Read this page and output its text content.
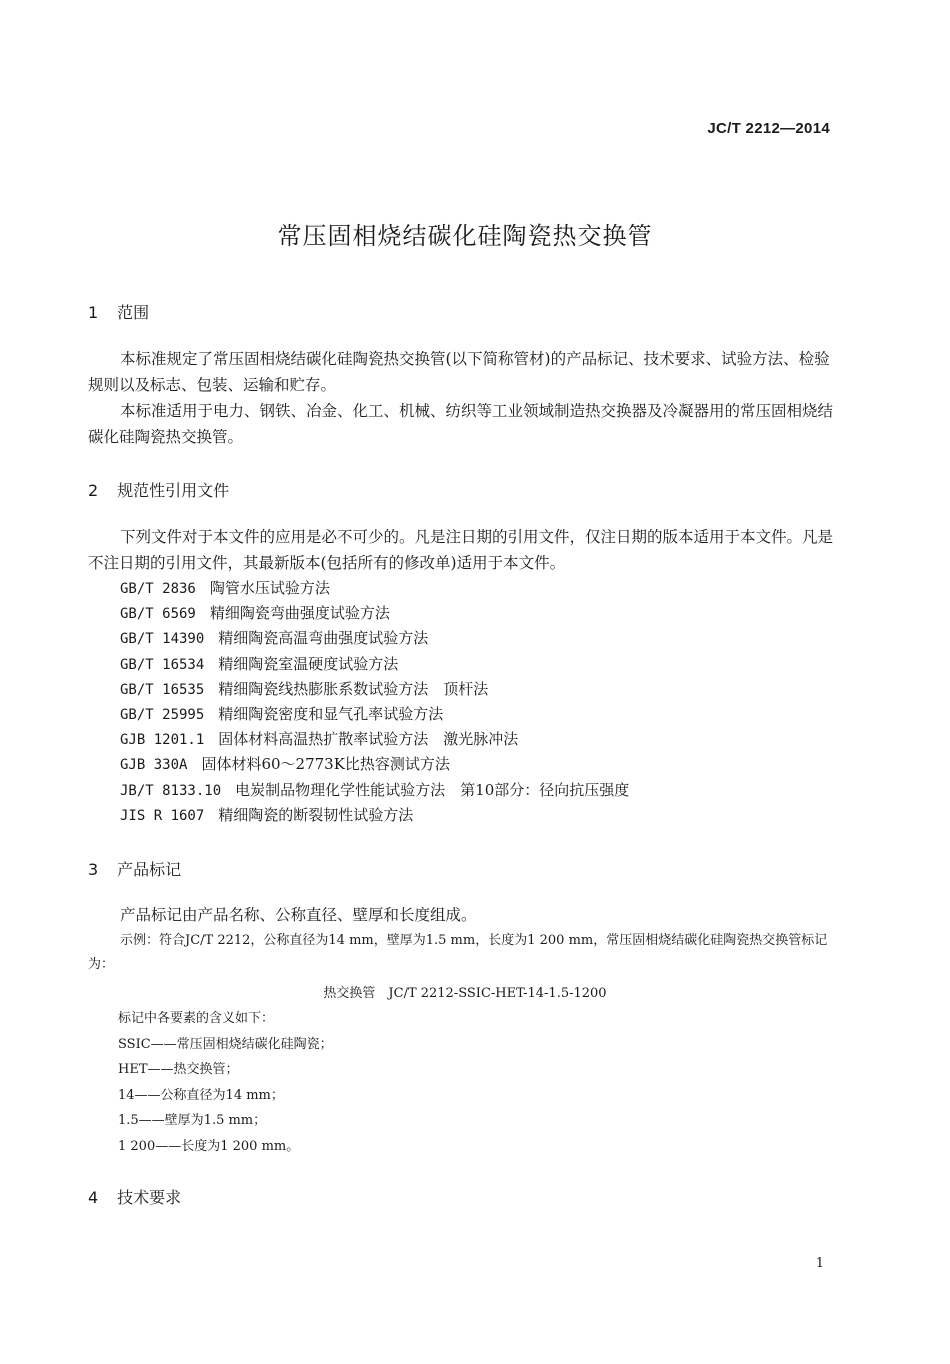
JC/T 2212—2014
常压固相烧结碳化硅陶瓷热交换管
1 范围
本标准规定了常压固相烧结碳化硅陶瓷热交换管(以下简称管材)的产品标记、技术要求、试验方法、检验规则以及标志、包装、运输和贮存。
本标准适用于电力、钢铁、冶金、化工、机械、纺织等工业领域制造热交换器及冷凝器用的常压固相烧结碳化硅陶瓷热交换管。
2 规范性引用文件
下列文件对于本文件的应用是必不可少的。凡是注日期的引用文件，仅注日期的版本适用于本文件。凡是不注日期的引用文件，其最新版本(包括所有的修改单)适用于本文件。
GB/T 2836 陶管水压试验方法
GB/T 6569 精细陶瓷弯曲强度试验方法
GB/T 14390 精细陶瓷高温弯曲强度试验方法
GB/T 16534 精细陶瓷室温硬度试验方法
GB/T 16535 精细陶瓷线热膨胀系数试验方法　顶杆法
GB/T 25995 精细陶瓷密度和显气孔率试验方法
GJB 1201.1 固体材料高温热扩散率试验方法　激光脉冲法
GJB 330A 固体材料60～2773K比热容测试方法
JB/T 8133.10 电炭制品物理化学性能试验方法　第10部分：径向抗压强度
JIS R 1607 精细陶瓷的断裂韧性试验方法
3 产品标记
产品标记由产品名称、公称直径、壁厚和长度组成。
示例：符合JC/T 2212，公称直径为14 mm，壁厚为1.5 mm，长度为1 200 mm，常压固相烧结碳化硅陶瓷热交换管标记为：
热交换管　JC/T 2212-SSIC-HET-14-1.5-1200
标记中各要素的含义如下：
SSIC——常压固相烧结碳化硅陶瓷；
HET——热交换管；
14——公称直径为14 mm；
1.5——壁厚为1.5 mm；
1 200——长度为1 200 mm。
4 技术要求
1
